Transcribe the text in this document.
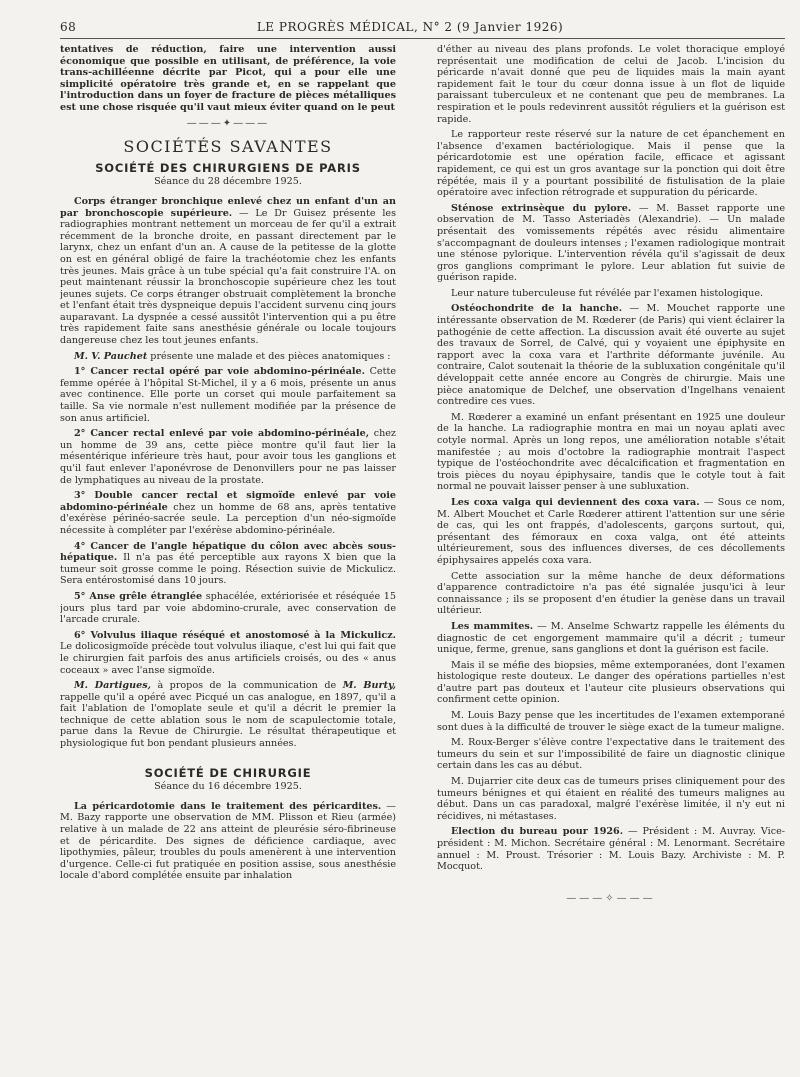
68	LE PROGRÈS MÉDICAL, N° 2 (9 Janvier 1926)

tentatives de réduction, faire une intervention aussi économique que possible en utilisant, de préférence, la voie trans-achilléenne décrite par Picot, qui a pour elle une simplicité opératoire très grande et, en se rappelant que l'introduction dans un foyer de fracture de pièces métalliques est une chose risquée qu'il vaut mieux éviter quand on le peut

———✦———
SOCIÉTÉS SAVANTES
SOCIÉTÉ DES CHIRURGIENS DE PARIS
Séance du 28 décembre 1925.

Corps étranger bronchique enlevé chez un enfant d'un an par bronchoscopie supérieure. — Le Dr Guisez présente les radiographies montrant nettement un morceau de fer qu'il a extrait récemment de la bronche droite, en passant directement par le larynx, chez un enfant d'un an. A cause de la petitesse de la glotte on est en général obligé de faire la trachéotomie chez les enfants très jeunes. Mais grâce à un tube spécial qu'a fait construire l'A. on peut maintenant réussir la bronchoscopie supérieure chez les tout jeunes sujets. Ce corps étranger obstruait complètement la bronche et l'enfant était très dyspneique depuis l'accident survenu cinq jours auparavant. La dyspnée a cessé aussitôt l'intervention qui a pu être très rapidement faite sans anesthésie générale ou locale toujours dangereuse chez les tout jeunes enfants.

M. V. Pauchet présente une malade et des pièces anatomiques :

1° Cancer rectal opéré par voie abdomino-périnéale. Cette femme opérée à l'hôpital St-Michel, il y a 6 mois, présente un anus avec continence. Elle porte un corset qui moule parfaitement sa taille. Sa vie normale n'est nullement modifiée par la présence de son anus artificiel.

2° Cancer rectal enlevé par voie abdomino-périnéale, chez un homme de 39 ans, cette pièce montre qu'il faut lier la mésentérique inférieure très haut, pour avoir tous les ganglions et qu'il faut enlever l'aponévrose de Denonvillers pour ne pas laisser de lymphatiques au niveau de la prostate.

3° Double cancer rectal et sigmoïde enlevé par voie abdomino-périnéale chez un homme de 68 ans, après tentative d'exérèse périnéo-sacrée seule. La perception d'un néo-sigmoïde nécessite à compléter par l'exérèse abdomino-périnéale.

4° Cancer de l'angle hépatique du côlon avec abcès sous-hépatique. Il n'a pas été perceptible aux rayons X bien que la tumeur soit grosse comme le poing. Résection suivie de Mickulicz. Sera entérostomisé dans 10 jours.

5° Anse grêle étranglée sphacélée, extériorisée et réséquée 15 jours plus tard par voie abdomino-crurale, avec conservation de l'arcade crurale.

6° Volvulus iliaque réséqué et anostomosé à la Mickulicz. Le dolicosigmoïde précède tout volvulus iliaque, c'est lui qui fait que le chirurgien fait parfois des anus artificiels croisés, ou des « anus coceaux » avec l'anse sigmoïde.

M. Dartigues, à propos de la communication de M. Burty, rappelle qu'il a opéré avec Picqué un cas analogue, en 1897, qu'il a fait l'ablation de l'omoplate seule et qu'il a décrit le premier la technique de cette ablation sous le nom de scapulectomie totale, parue dans la Revue de Chirurgie. Le résultat thérapeutique et physiologique fut bon pendant plusieurs années.

SOCIÉTÉ DE CHIRURGIE
Séance du 16 décembre 1925.

La péricardotomie dans le traitement des péricardites. — M. Bazy rapporte une observation de MM. Plisson et Rieu (armée) relative à un malade de 22 ans atteint de pleurésie séro-fibrineuse et de péricardite. Des signes de déficience cardiaque, avec lipothymies, pâleur, troubles du pouls amenèrent à une intervention d'urgence. Celle-ci fut pratiquée en position assise, sous anesthésie locale d'abord complétée ensuite par inhalation

d'éther au niveau des plans profonds. Le volet thoracique employé représentait une modification de celui de Jacob. L'incision du péricarde n'avait donné que peu de liquides mais la main ayant rapidement fait le tour du cœur donna issue à un flot de liquide paraissant tuberculeux et ne contenant que peu de membranes. La respiration et le pouls redevinrent aussitôt réguliers et la guérison est rapide.

Le rapporteur reste réservé sur la nature de cet épanchement en l'absence d'examen bactériologique. Mais il pense que la péricardotomie est une opération facile, efficace et agissant rapidement, ce qui est un gros avantage sur la ponction qui doit être répétée, mais il y a pourtant possibilité de fistulisation de la plaie opératoire avec infection rétrograde et suppuration du péricarde.

Sténose extrinsèque du pylore. — M. Basset rapporte une observation de M. Tasso Asteriadès (Alexandrie). — Un malade présentait des vomissements répétés avec résidu alimentaire s'accompagnant de douleurs intenses ; l'examen radiologique montrait une sténose pylorique. L'intervention révéla qu'il s'agissait de deux gros ganglions comprimant le pylore. Leur ablation fut suivie de guérison rapide.

Leur nature tuberculeuse fut révélée par l'examen histologique.

Ostéochondrite de la hanche. — M. Mouchet rapporte une intéressante observation de M. Rœderer (de Paris) qui vient éclairer la pathogénie de cette affection. La discussion avait été ouverte au sujet des travaux de Sorrel, de Calvé, qui y voyaient une épiphysite en rapport avec la coxa vara et l'arthrite déformante juvénile. Au contraire, Calot soutenait la théorie de la subluxation congénitale qu'il développait cette année encore au Congrès de chirurgie. Mais une pièce anatomique de Delchef, une observation d'Ingelhans venaient contredire ces vues.

M. Rœderer a examiné un enfant présentant en 1925 une douleur de la hanche. La radiographie montra en mai un noyau aplati avec cotyle normal. Après un long repos, une amélioration notable s'était manifestée ; au mois d'octobre la radiographie montrait l'aspect typique de l'ostéochondrite avec décalcification et fragmentation en trois pièces du noyau épiphysaire, tandis que le cotyle tout à fait normal ne pouvait laisser penser à une subluxation.

Les coxa valga qui deviennent des coxa vara. — Sous ce nom, M. Albert Mouchet et Carle Rœderer attirent l'attention sur une série de cas, qui les ont frappés, d'adolescents, garçons surtout, qui, présentant des fémoraux en coxa valga, ont été atteints ultérieurement, sous des influences diverses, de ces décollements épiphysaires appelés coxa vara.

Cette association sur la même hanche de deux déformations d'apparence contradictoire n'a pas été signalée jusqu'ici à leur connaissance ; ils se proposent d'en étudier la genèse dans un travail ultérieur.

Les mammites. — M. Anselme Schwartz rappelle les éléments du diagnostic de cet engorgement mammaire qu'il a décrit ; tumeur unique, ferme, grenue, sans ganglions et dont la guérison est facile.

Mais il se méfie des biopsies, même extemporanées, dont l'examen histologique reste douteux. Le danger des opérations partielles n'est d'autre part pas douteux et l'auteur cite plusieurs observations qui confirment cette opinion.

M. Louis Bazy pense que les incertitudes de l'examen extemporané sont dues à la difficulté de trouver le siège exact de la tumeur maligne.

M. Roux-Berger s'élève contre l'expectative dans le traitement des tumeurs du sein et sur l'impossibilité de faire un diagnostic clinique certain dans les cas au début.

M. Dujarrier cite deux cas de tumeurs prises cliniquement pour des tumeurs bénignes et qui étaient en réalité des tumeurs malignes au début. Dans un cas paradoxal, malgré l'exérèse limitée, il n'y eut ni récidives, ni métastases.

Election du bureau pour 1926. — Président : M. Auvray. Vice-président : M. Michon. Secrétaire général : M. Lenormant. Secrétaire annuel : M. Proust. Trésorier : M. Louis Bazy. Archiviste : M. P. Mocquot.

———✧———
